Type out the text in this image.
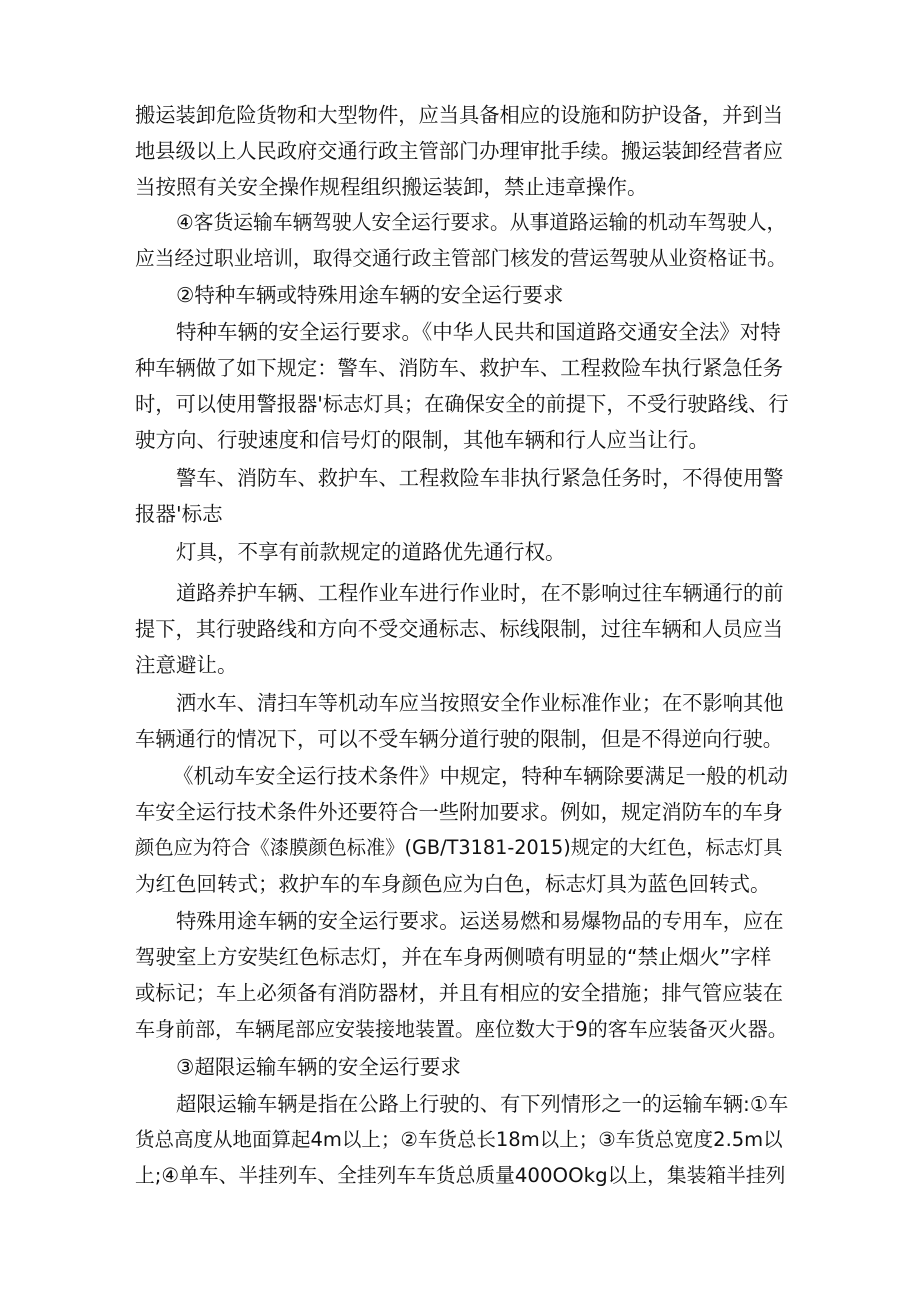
搬运装卸危险货物和大型物件，应当具备相应的设施和防护设备，并到当
地县级以上人民政府交通行政主管部门办理审批手续。搬运装卸经营者应
当按照有关安全操作规程组织搬运装卸，禁止违章操作。
④客货运输车辆驾驶人安全运行要求。从事道路运输的机动车驾驶人，
应当经过职业培训，取得交通行政主管部门核发的营运驾驶从业资格证书。
②特种车辆或特殊用途车辆的安全运行要求
特种车辆的安全运行要求。《中华人民共和国道路交通安全法》对特
种车辆做了如下规定：警车、消防车、救护车、工程救险车执行紧急任务
时，可以使用警报器'标志灯具；在确保安全的前提下，不受行驶路线、行
驶方向、行驶速度和信号灯的限制，其他车辆和行人应当让行。
警车、消防车、救护车、工程救险车非执行紧急任务时，不得使用警
报器'标志
灯具，不享有前款规定的道路优先通行权。
道路养护车辆、工程作业车进行作业时，在不影响过往车辆通行的前
提下，其行驶路线和方向不受交通标志、标线限制，过往车辆和人员应当
注意避让。
洒水车、清扫车等机动车应当按照安全作业标准作业；在不影响其他
车辆通行的情况下，可以不受车辆分道行驶的限制，但是不得逆向行驶。
《机动车安全运行技术条件》中规定，特种车辆除要满足一般的机动
车安全运行技术条件外还要符合一些附加要求。例如，规定消防车的车身
颜色应为符合《漆膜颜色标准》(GB/T3181-2015)规定的大红色，标志灯具
为红色回转式；救护车的车身颜色应为白色，标志灯具为蓝色回转式。
特殊用途车辆的安全运行要求。运送易燃和易爆物品的专用车，应在
驾驶室上方安奘红色标志灯，并在车身两侧喷有明显的“禁止烟火”字样
或标记；车上必须备有消防器材，并且有相应的安全措施；排气管应装在
车身前部，车辆尾部应安装接地装置。座位数大于9的客车应装备灭火器。
③超限运输车辆的安全运行要求
超限运输车辆是指在公路上行驶的、有下列情形之一的运输车辆:①车
货总高度从地面算起4m以上；②车货总长18m以上；③车货总宽度2.5m以
上;④单车、半挂列车、全挂列车车货总质量400OOkg以上，集装箱半挂列
